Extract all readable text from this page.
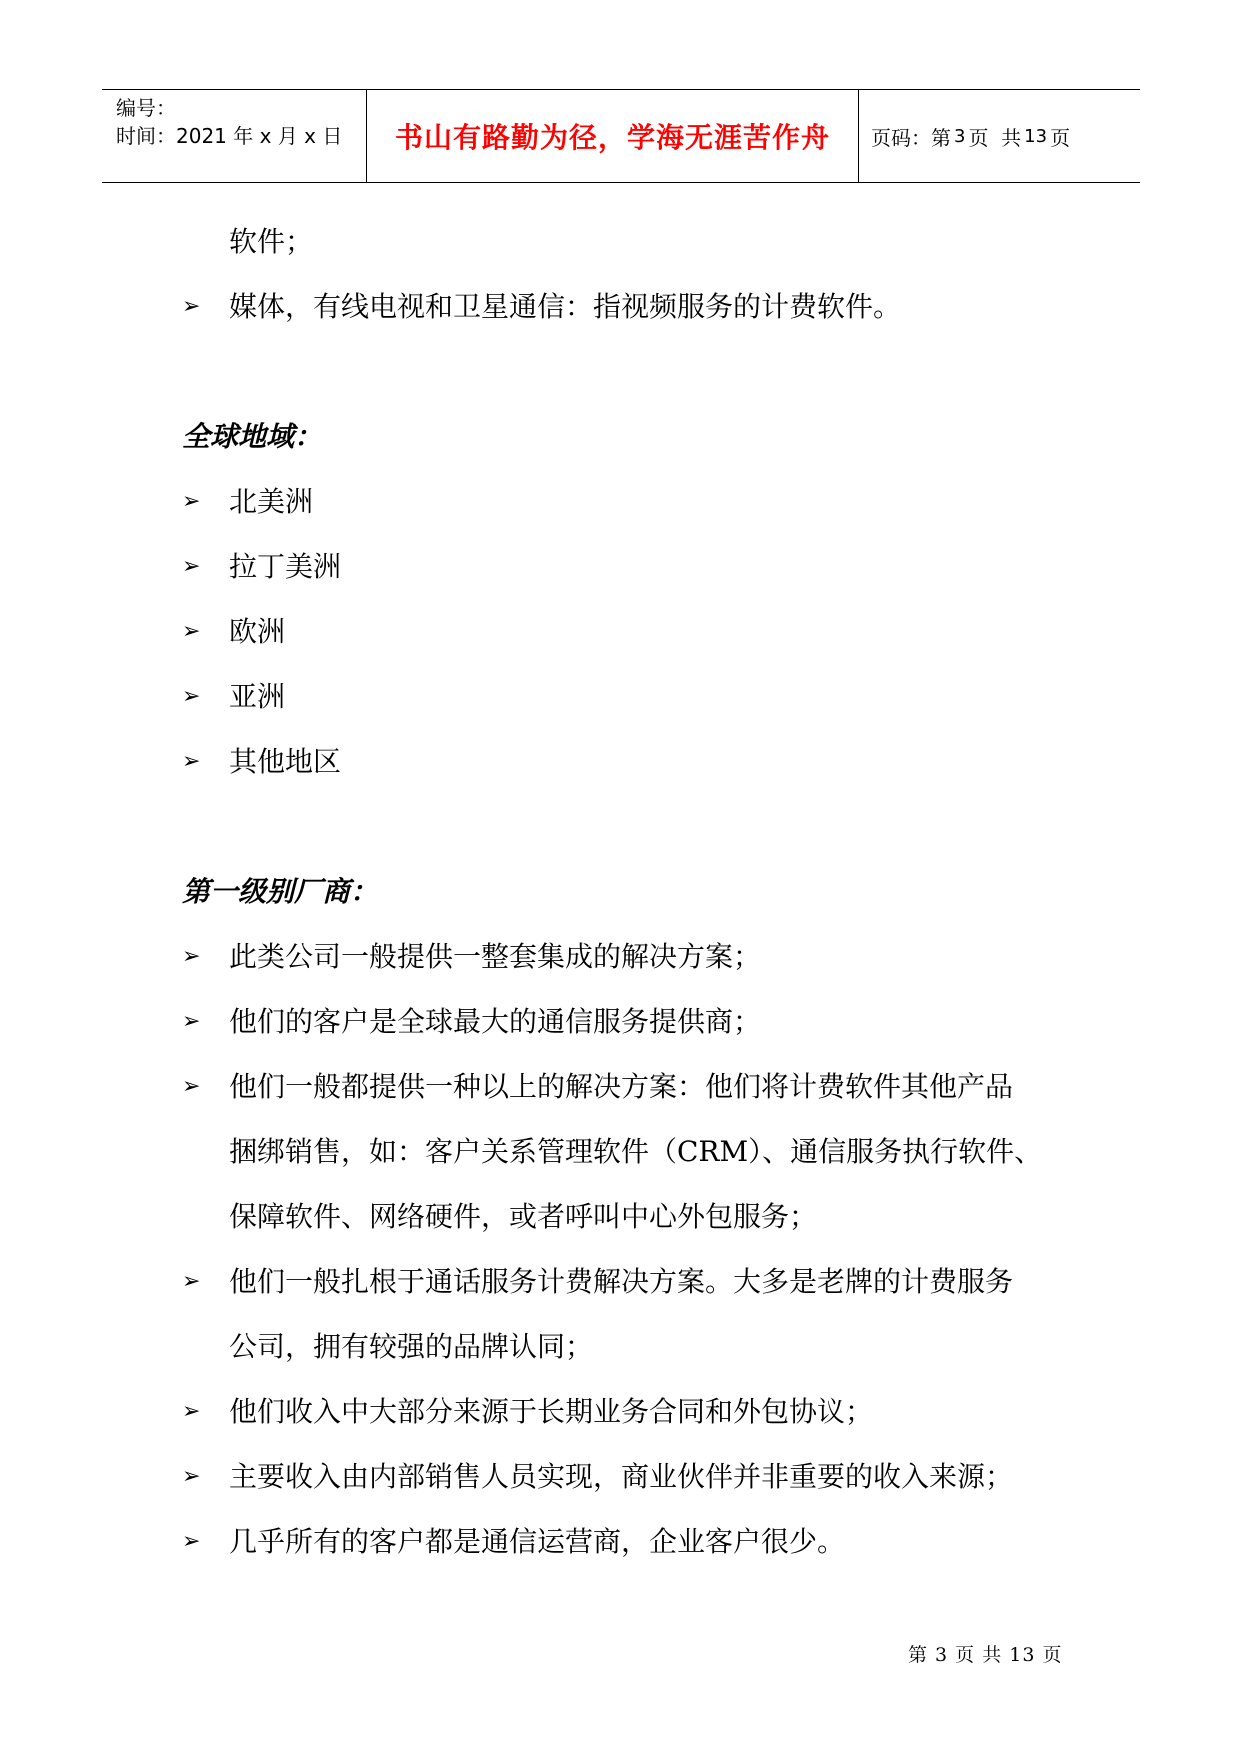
编号：
时间：2021 年 x 月 x 日	书山有路勤为径，学海无涯苦作舟 页码：第 3 页  共 13 页
软件；
➢ 媒体，有线电视和卫星通信：指视频服务的计费软件。
全球地域：
➢ 北美洲
➢ 拉丁美洲
➢ 欧洲
➢ 亚洲
➢ 其他地区
第一级别厂商：
➢ 此类公司一般提供一整套集成的解决方案；
➢ 他们的客户是全球最大的通信服务提供商；
➢ 他们一般都提供一种以上的解决方案：他们将计费软件其他产品
捆绑销售，如：客户关系管理软件（CRM）、通信服务执行软件、
保障软件、网络硬件，或者呼叫中心外包服务；
➢ 他们一般扎根于通话服务计费解决方案。大多是老牌的计费服务
公司，拥有较强的品牌认同；
➢ 他们收入中大部分来源于长期业务合同和外包协议；
➢ 主要收入由内部销售人员实现，商业伙伴并非重要的收入来源；
➢ 几乎所有的客户都是通信运营商，企业客户很少。
第 3 页 共 13 页
